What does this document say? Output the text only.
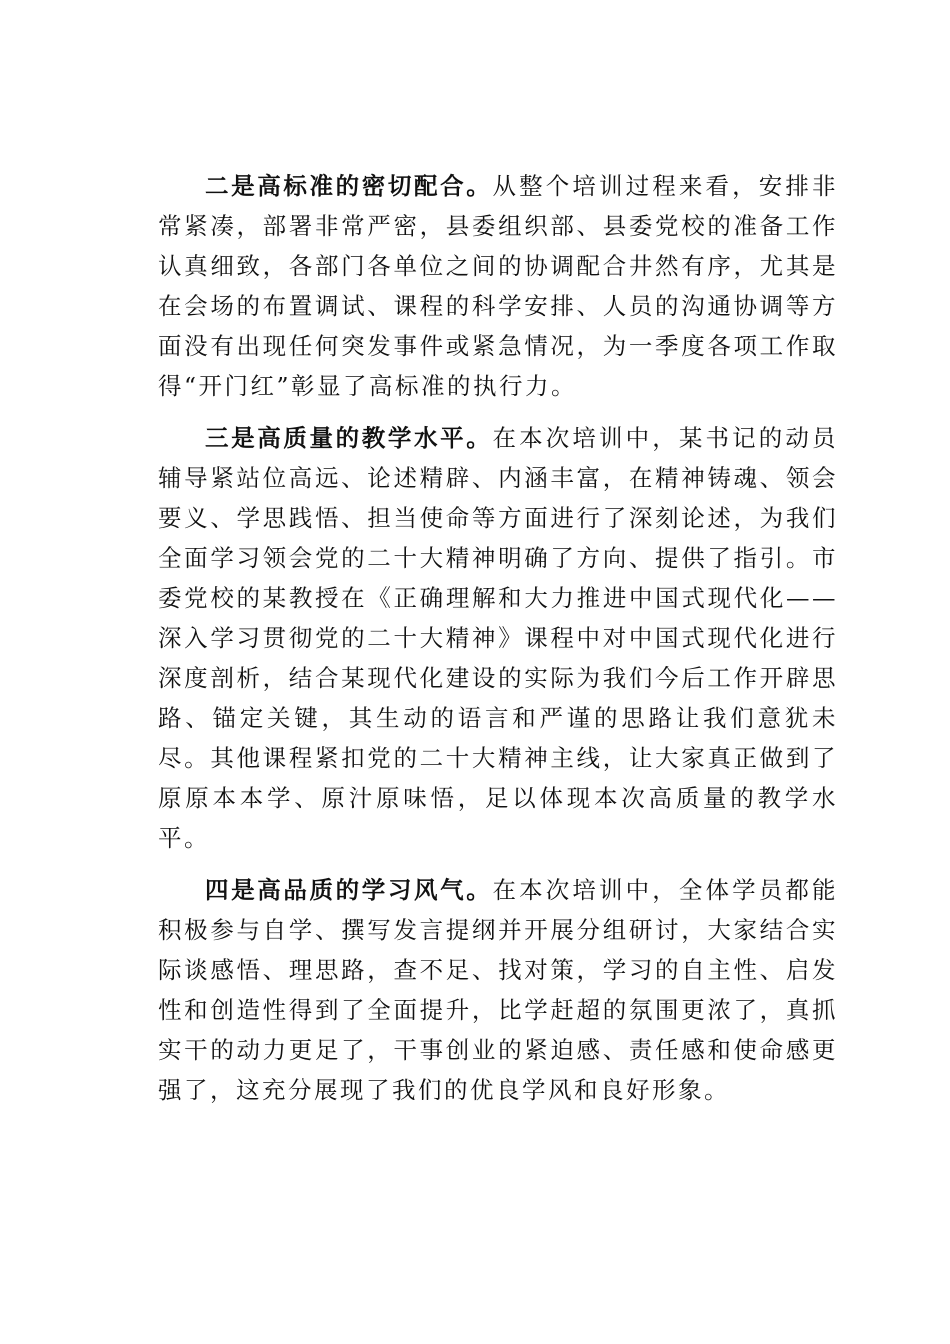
二是高标准的密切配合。从整个培训过程来看，安排非常紧凑，部署非常严密，县委组织部、县委党校的准备工作认真细致，各部门各单位之间的协调配合井然有序，尤其是在会场的布置调试、课程的科学安排、人员的沟通协调等方面没有出现任何突发事件或紧急情况，为一季度各项工作取得“开门红”彰显了高标准的执行力。

三是高质量的教学水平。在本次培训中，某书记的动员辅导紧站位高远、论述精辟、内涵丰富，在精神铸魂、领会要义、学思践悟、担当使命等方面进行了深刻论述，为我们全面学习领会党的二十大精神明确了方向、提供了指引。市委党校的某教授在《正确理解和大力推进中国式现代化——深入学习贯彻党的二十大精神》课程中对中国式现代化进行深度剖析，结合某现代化建设的实际为我们今后工作开辟思路、锚定关键，其生动的语言和严谨的思路让我们意犹未尽。其他课程紧扣党的二十大精神主线，让大家真正做到了原原本本学、原汁原味悟，足以体现本次高质量的教学水平。

四是高品质的学习风气。在本次培训中，全体学员都能积极参与自学、撰写发言提纲并开展分组研讨，大家结合实际谈感悟、理思路，查不足、找对策，学习的自主性、启发性和创造性得到了全面提升，比学赶超的氛围更浓了，真抓实干的动力更足了，干事创业的紧迫感、责任感和使命感更强了，这充分展现了我们的优良学风和良好形象。
